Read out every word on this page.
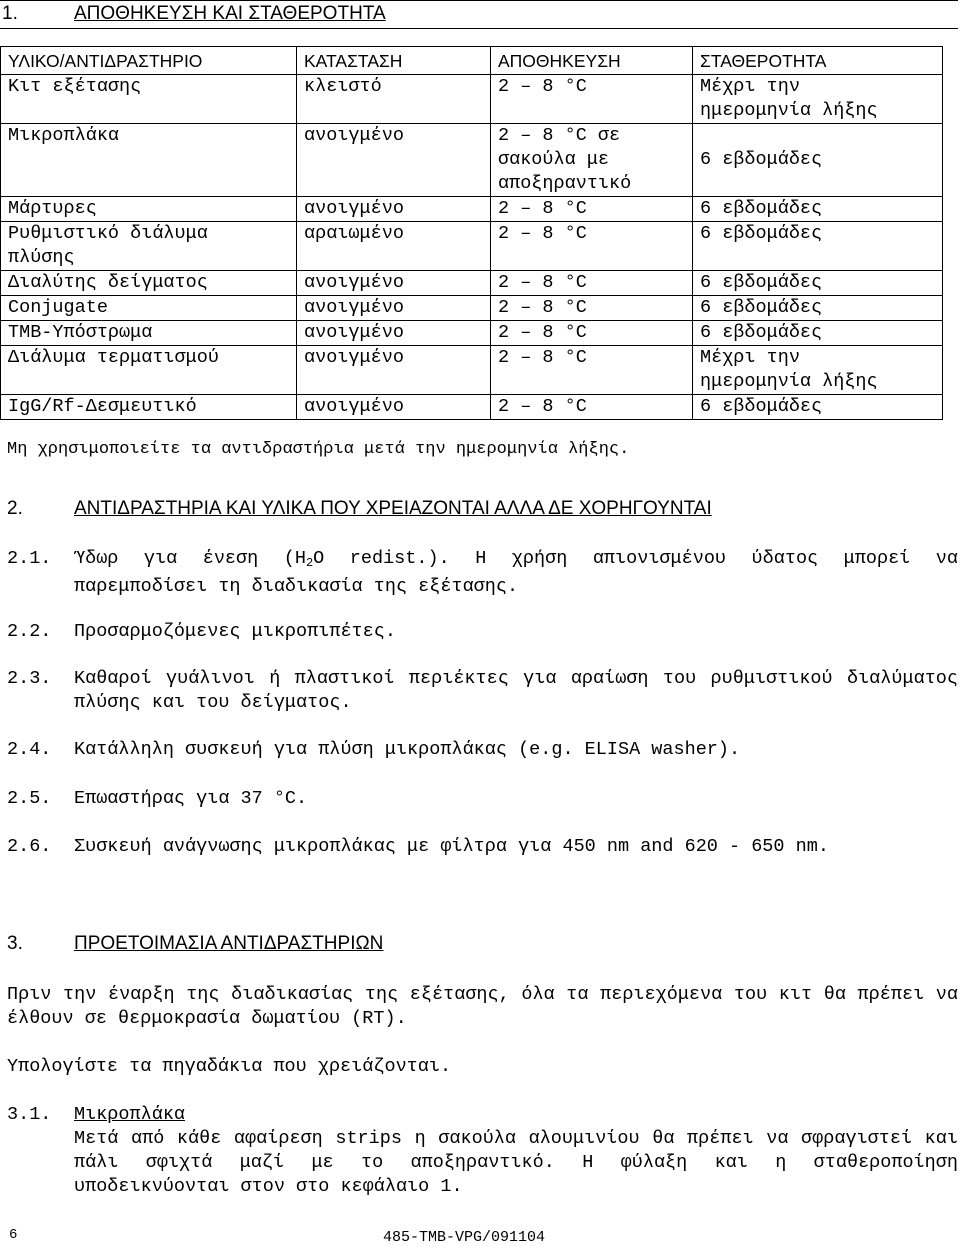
1.	ΑΠΟΘΗΚΕΥΣΗ ΚΑΙ ΣΤΑΘΕΡΟΤΗΤΑ
ΥΛΙΚΟ/ΑΝΤΙΔΡΑΣΤΗΡΙΟ	ΚΑΤΑΣΤΑΣΗ	ΑΠΟΘΗΚΕΥΣΗ	ΣΤΑΘΕΡΟΤΗΤΑ
Κιτ εξέτασης	κλειστό	2 – 8 °C	Μέχρι την ημερομηνία λήξης
Μικροπλάκα	ανοιγμένο	2 – 8 °C σε σακούλα με αποξηραντικό	6 εβδομάδες
Μάρτυρες	ανοιγμένο	2 – 8 °C	6 εβδομάδες
Ρυθμιστικό διάλυμα πλύσης	αραιωμένο	2 – 8 °C	6 εβδομάδες
Διαλύτης δείγματος	ανοιγμένο	2 – 8 °C	6 εβδομάδες
Conjugate	ανοιγμένο	2 – 8 °C	6 εβδομάδες
TMB-Υπόστρωμα	ανοιγμένο	2 – 8 °C	6 εβδομάδες
Διάλυμα τερματισμού	ανοιγμένο	2 – 8 °C	Μέχρι την ημερομηνία λήξης
IgG/Rf-Δεσμευτικό	ανοιγμένο	2 – 8 °C	6 εβδομάδες
Μη χρησιμοποιείτε τα αντιδραστήρια μετά την ημερομηνία λήξης.
2.	ΑΝΤΙΔΡΑΣΤΗΡΙΑ ΚΑΙ ΥΛΙΚΑ ΠΟΥ ΧΡΕΙΑΖΟΝΤΑΙ ΑΛΛΑ ΔΕ ΧΟΡΗΓΟΥΝΤΑΙ
2.1. Ύδωρ για ένεση ($H_2O$ redist.). Η χρήση απιονισμένου ύδατος μπορεί να παρεμποδίσει τη διαδικασία της εξέτασης.
2.2. Προσαρμοζόμενες μικροπιπέτες.
2.3. Καθαροί γυάλινοι ή πλαστικοί περιέκτες για αραίωση του ρυθμιστικού διαλύματος πλύσης και του δείγματος.
2.4. Κατάλληλη συσκευή για πλύση μικροπλάκας (e.g. ELISA washer).
2.5. Επωαστήρας για 37 °C.
2.6. Συσκευή ανάγνωσης μικροπλάκας με φίλτρα για 450 nm and 620 - 650 nm.
3.	ΠΡΟΕΤΟΙΜΑΣΙΑ ΑΝΤΙΔΡΑΣΤΗΡΙΩΝ
Πριν την έναρξη της διαδικασίας της εξέτασης, όλα τα περιεχόμενα του κιτ θα πρέπει να έλθουν σε θερμοκρασία δωματίου (RT).
Υπολογίστε τα πηγαδάκια που χρειάζονται.
3.1. Μικροπλάκα
Μετά από κάθε αφαίρεση strips η σακούλα αλουμινίου θα πρέπει να σφραγιστεί και πάλι σφιχτά μαζί με το αποξηραντικό. Η φύλαξη και η σταθεροποίηση υποδεικνύονται στον στο κεφάλαιο 1.
6	485-TMB-VPG/091104
